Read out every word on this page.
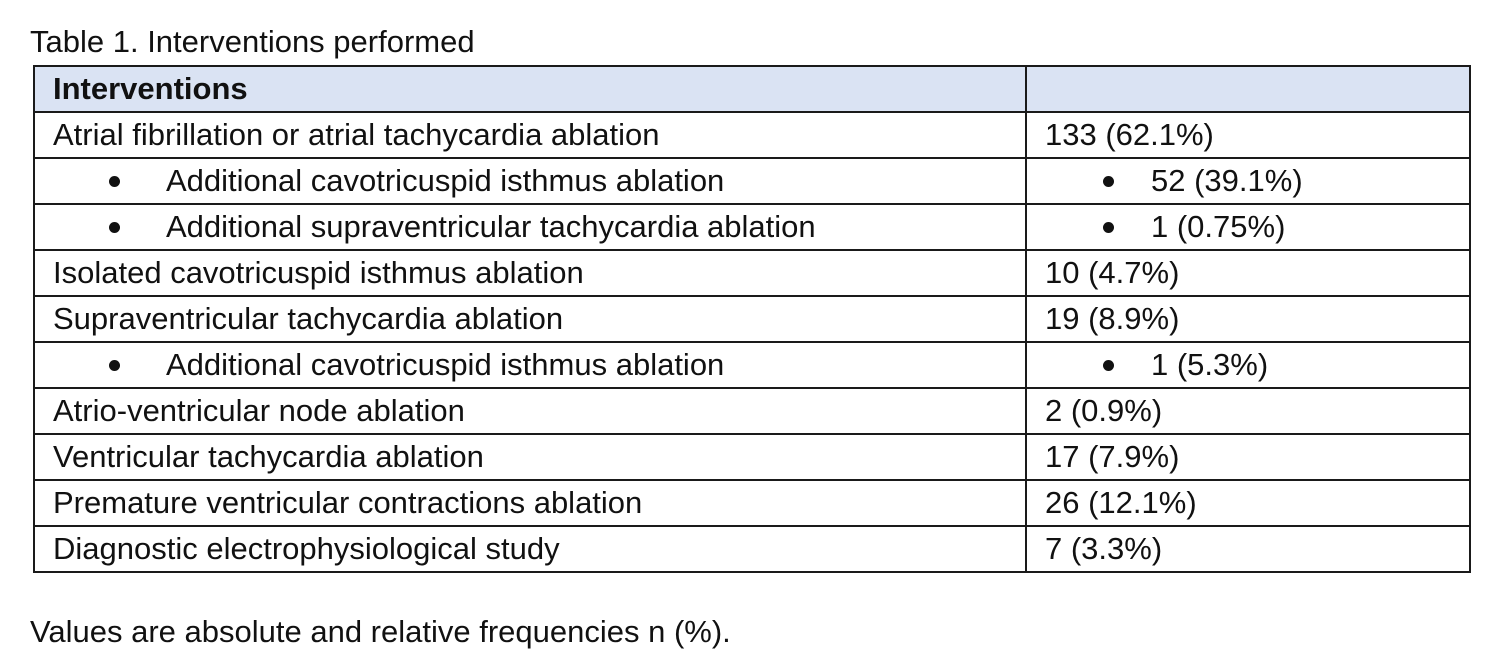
Table 1. Interventions performed
Interventions	
Atrial fibrillation or atrial tachycardia ablation	133 (62.1%)

Additional cavotricuspid isthmus ablation	52 (39.1%)

Additional supraventricular tachycardia ablation	1 (0.75%)

Isolated cavotricuspid isthmus ablation	10 (4.7%)
Supraventricular tachycardia ablation	19 (8.9%)

Additional cavotricuspid isthmus ablation	1 (5.3%)

Atrio-ventricular node ablation	2 (0.9%)
Ventricular tachycardia ablation	17 (7.9%)
Premature ventricular contractions ablation	26 (12.1%)
Diagnostic electrophysiological study	7 (3.3%)
Values are absolute and relative frequencies n (%).
